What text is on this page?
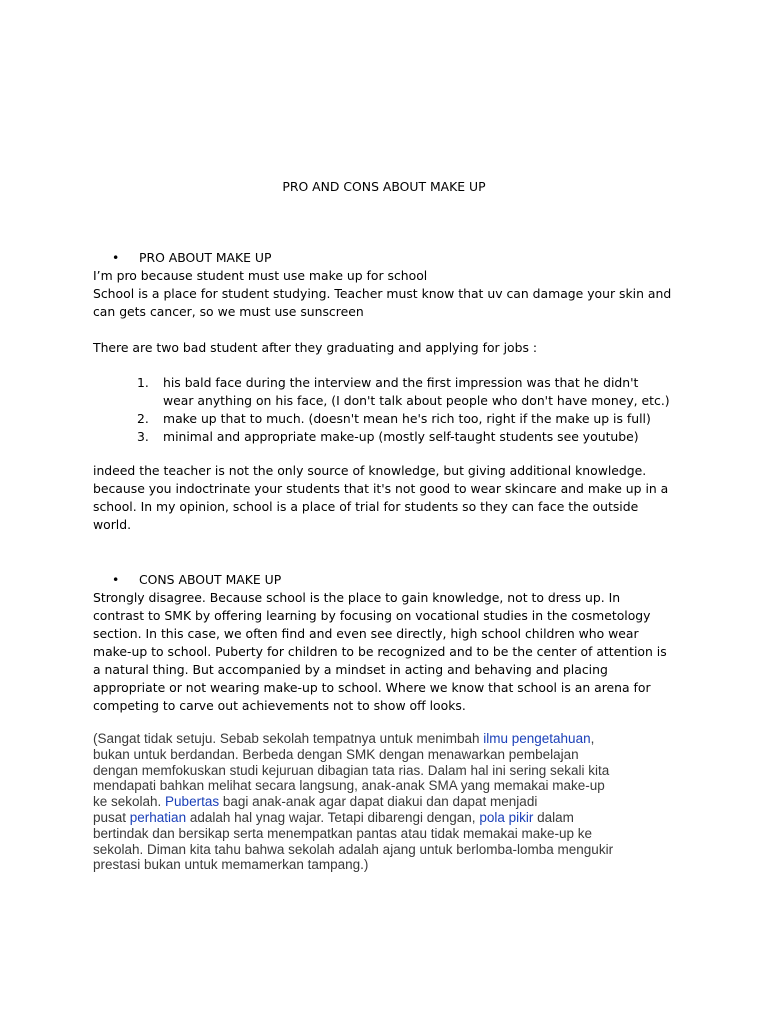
PRO AND CONS ABOUT MAKE UP
• PRO ABOUT MAKE UP
I’m pro because student must use make up for school
School is a place for student studying. Teacher must know that uv can damage your skin and
can gets cancer, so we must use sunscreen
There are two bad student after they graduating and applying for jobs :
1. his bald face during the interview and the first impression was that he didn't
wear anything on his face, (I don't talk about people who don't have money, etc.)
2. make up that to much. (doesn't mean he's rich too, right if the make up is full)
3. minimal and appropriate make-up (mostly self-taught students see youtube)
indeed the teacher is not the only source of knowledge, but giving additional knowledge.
because you indoctrinate your students that it's not good to wear skincare and make up in a
school. In my opinion, school is a place of trial for students so they can face the outside
world.
• CONS ABOUT MAKE UP
Strongly disagree. Because school is the place to gain knowledge, not to dress up. In
contrast to SMK by offering learning by focusing on vocational studies in the cosmetology
section. In this case, we often find and even see directly, high school children who wear
make-up to school. Puberty for children to be recognized and to be the center of attention is
a natural thing. But accompanied by a mindset in acting and behaving and placing
appropriate or not wearing make-up to school. Where we know that school is an arena for
competing to carve out achievements not to show off looks.
(Sangat tidak setuju. Sebab sekolah tempatnya untuk menimbah ilmu pengetahuan,
bukan untuk berdandan. Berbeda dengan SMK dengan menawarkan pembelajan
dengan memfokuskan studi kejuruan dibagian tata rias. Dalam hal ini sering sekali kita
mendapati bahkan melihat secara langsung, anak-anak SMA yang memakai make-up
ke sekolah. Pubertas bagi anak-anak agar dapat diakui dan dapat menjadi
pusat perhatian adalah hal ynag wajar. Tetapi dibarengi dengan, pola pikir dalam
bertindak dan bersikap serta menempatkan pantas atau tidak memakai make-up ke
sekolah. Diman kita tahu bahwa sekolah adalah ajang untuk berlomba-lomba mengukir
prestasi bukan untuk memamerkan tampang.)
